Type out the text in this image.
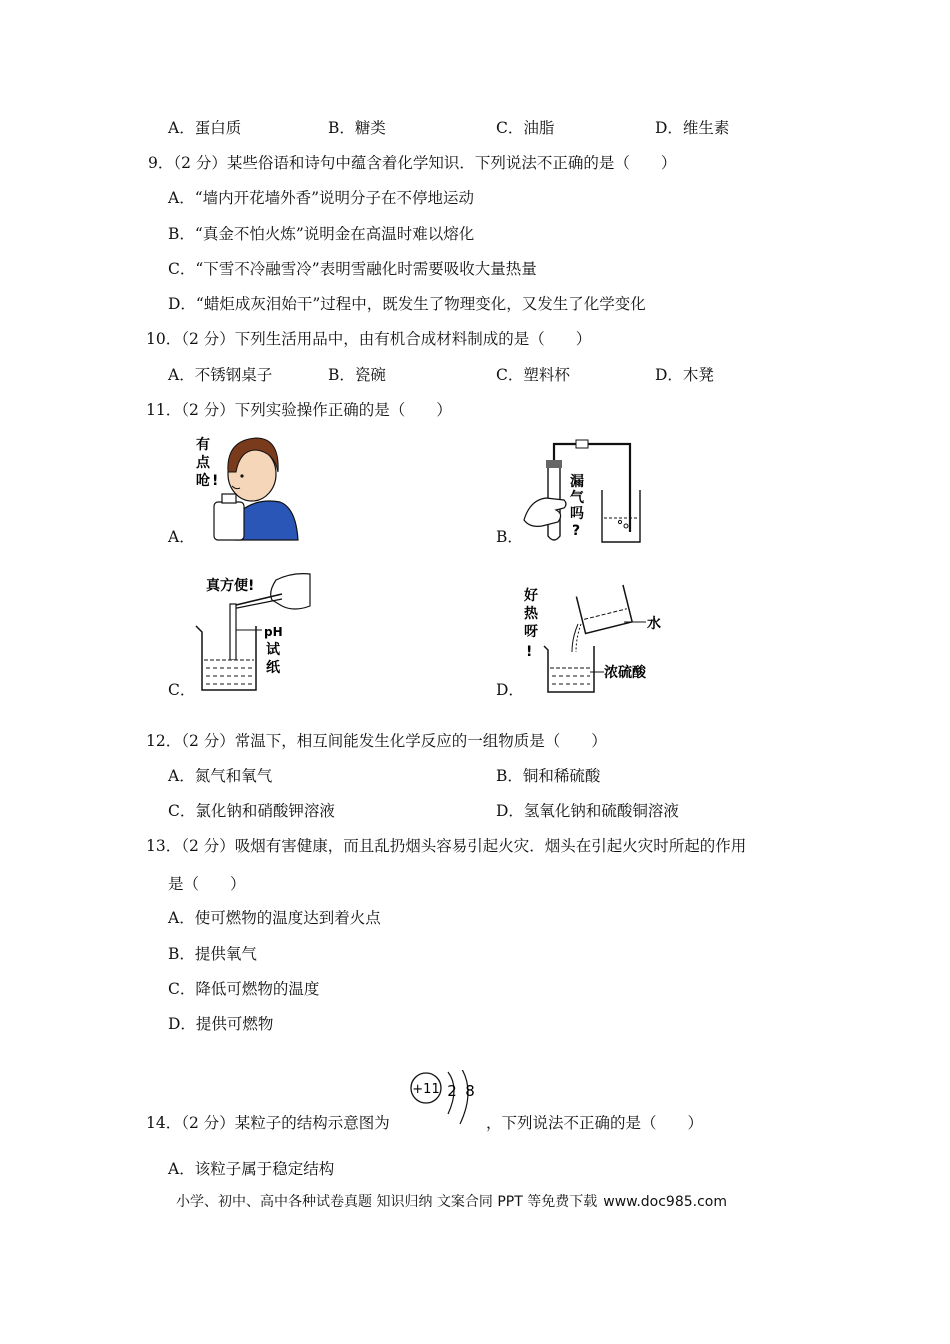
A．蛋白质	B．糖类	C．油脂	D．维生素
9．（2 分）某些俗语和诗句中蕴含着化学知识．下列说法不正确的是（　　）
A．“墙内开花墙外香”说明分子在不停地运动
B．“真金不怕火炼”说明金在高温时难以熔化
C．“下雪不冷融雪冷”表明雪融化时需要吸收大量热量
D．“蜡炬成灰泪始干”过程中，既发生了物理变化，又发生了化学变化
10．（2 分）下列生活用品中，由有机合成材料制成的是（　　）
A．不锈钢桌子	B．瓷碗	C．塑料杯	D．木凳
11．（2 分）下列实验操作正确的是（　　）
A．	B．
C．	D．
有
点
呛 !	漏
气
吗
?
真方便!
pH
试
纸
好
热
呀
!
水
浓硫酸
12．（2 分）常温下，相互间能发生化学反应的一组物质是（　　）
A．氮气和氧气	B．铜和稀硫酸
C．氯化钠和硝酸钾溶液	D．氢氧化钠和硫酸铜溶液
13．（2 分）吸烟有害健康，而且乱扔烟头容易引起火灾．烟头在引起火灾时所起的作用
是（　　）
A．使可燃物的温度达到着火点
B．提供氧气
C．降低可燃物的温度
D．提供可燃物
14．（2 分）某粒子的结构示意图为
+11 2 8
，下列说法不正确的是（　　）
A．该粒子属于稳定结构
小学、初中、高中各种试卷真题 知识归纳 文案合同 PPT 等免费下载 www.doc985.com
